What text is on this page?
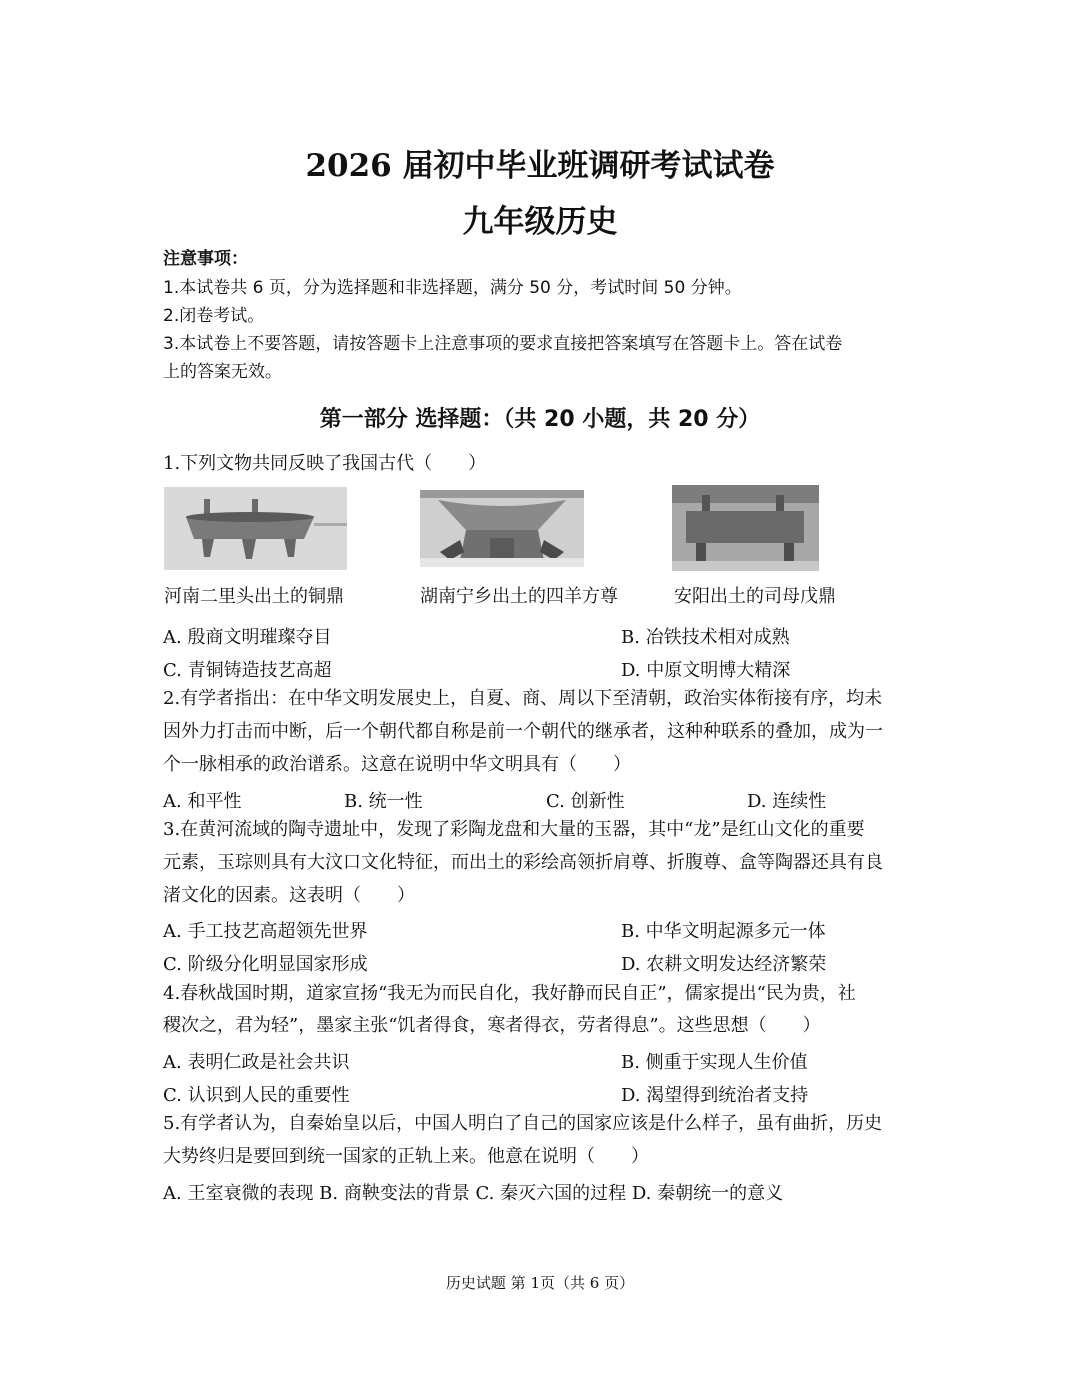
2026 届初中毕业班调研考试试卷
九年级历史
注意事项：
1.本试卷共 6 页，分为选择题和非选择题，满分 50 分，考试时间 50 分钟。
2.闭卷考试。
3.本试卷上不要答题，请按答题卡上注意事项的要求直接把答案填写在答题卡上。答在试卷
上的答案无效。
第一部分 选择题：（共 20 小题，共 20 分）
1.下列文物共同反映了我国古代（　　）
河南二里头出土的铜鼎	湖南宁乡出土的四羊方尊	安阳出土的司母戊鼎
A. 殷商文明璀璨夺目	B. 冶铁技术相对成熟
C. 青铜铸造技艺高超	D. 中原文明博大精深
2.有学者指出：在中华文明发展史上，自夏、商、周以下至清朝，政治实体衔接有序，均未
因外力打击而中断，后一个朝代都自称是前一个朝代的继承者，这种种联系的叠加，成为一
个一脉相承的政治谱系。这意在说明中华文明具有（　　）
A. 和平性	B. 统一性	C. 创新性	D. 连续性
3.在黄河流域的陶寺遗址中，发现了彩陶龙盘和大量的玉器，其中“龙”是红山文化的重要
元素，玉琮则具有大汶口文化特征，而出土的彩绘高领折肩尊、折腹尊、盒等陶器还具有良
渚文化的因素。这表明（　　）
A. 手工技艺高超领先世界	B. 中华文明起源多元一体
C. 阶级分化明显国家形成	D. 农耕文明发达经济繁荣
4.春秋战国时期，道家宣扬“我无为而民自化，我好静而民自正”，儒家提出“民为贵，社
稷次之，君为轻”，墨家主张“饥者得食，寒者得衣，劳者得息”。这些思想（　　）
A. 表明仁政是社会共识	B. 侧重于实现人生价值
C. 认识到人民的重要性	D. 渴望得到统治者支持
5.有学者认为，自秦始皇以后，中国人明白了自己的国家应该是什么样子，虽有曲折，历史
大势终归是要回到统一国家的正轨上来。他意在说明（　　）
A. 王室衰微的表现 B. 商鞅变法的背景 C. 秦灭六国的过程 D. 秦朝统一的意义
历史试题 第 1页（共 6 页）
